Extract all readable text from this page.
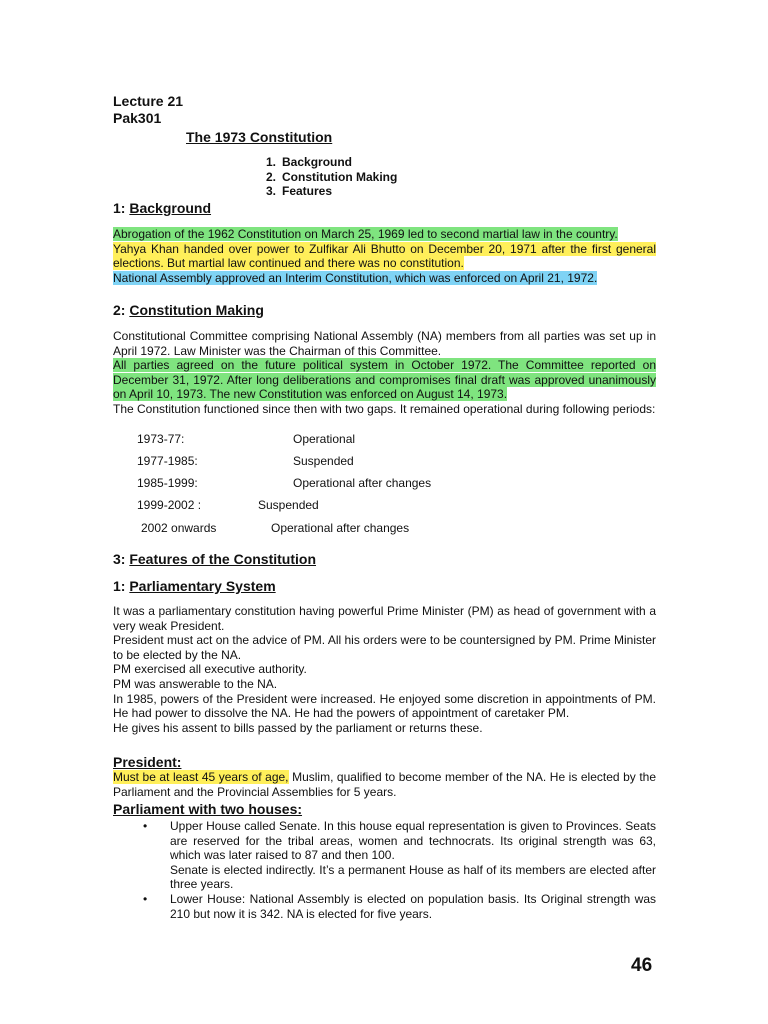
Lecture 21
Pak301
The 1973 Constitution
1. Background
2. Constitution Making
3. Features
1: Background

Abrogation of the 1962 Constitution on March 25, 1969 led to second martial law in the country.

Yahya Khan handed over power to Zulfikar Ali Bhutto on December 20, 1971 after the first general elections. But martial law continued and there was no constitution.

National Assembly approved an Interim Constitution, which was enforced on April 21, 1972.

2: Constitution Making

Constitutional Committee comprising National Assembly (NA) members from all parties was set up in April 1972. Law Minister was the Chairman of this Committee.

All parties agreed on the future political system in October 1972. The Committee reported on December 31, 1972. After long deliberations and compromises final draft was approved unanimously on April 10, 1973. The new Constitution was enforced on August 14, 1973.

The Constitution functioned since then with two gaps. It remained operational during following periods:

1973-77:	Operational
1977-1985:	Suspended
1985-1999:	Operational after changes
1999-2002 :	Suspended
2002 onwards	Operational after changes
3: Features of the Constitution
1: Parliamentary System

It was a parliamentary constitution having powerful Prime Minister (PM) as head of government with a very weak President.

President must act on the advice of PM. All his orders were to be countersigned by PM. Prime Minister to be elected by the NA.

PM exercised all executive authority.

PM was answerable to the NA.

In 1985, powers of the President were increased. He enjoyed some discretion in appointments of PM. He had power to dissolve the NA. He had the powers of appointment of caretaker PM.

He gives his assent to bills passed by the parliament or returns these.

President:

Must be at least 45 years of age, Muslim, qualified to become member of the NA. He is elected by the Parliament and the Provincial Assemblies for 5 years.

Parliament with two houses:
•	Upper House called Senate. In this house equal representation is given to Provinces. Seats are reserved for the tribal areas, women and technocrats. Its original strength was 63, which was later raised to 87 and then 100.
Senate is elected indirectly. It’s a permanent House as half of its members are elected after three years.
•	Lower House: National Assembly is elected on population basis. Its Original strength was 210 but now it is 342. NA is elected for five years.
46
